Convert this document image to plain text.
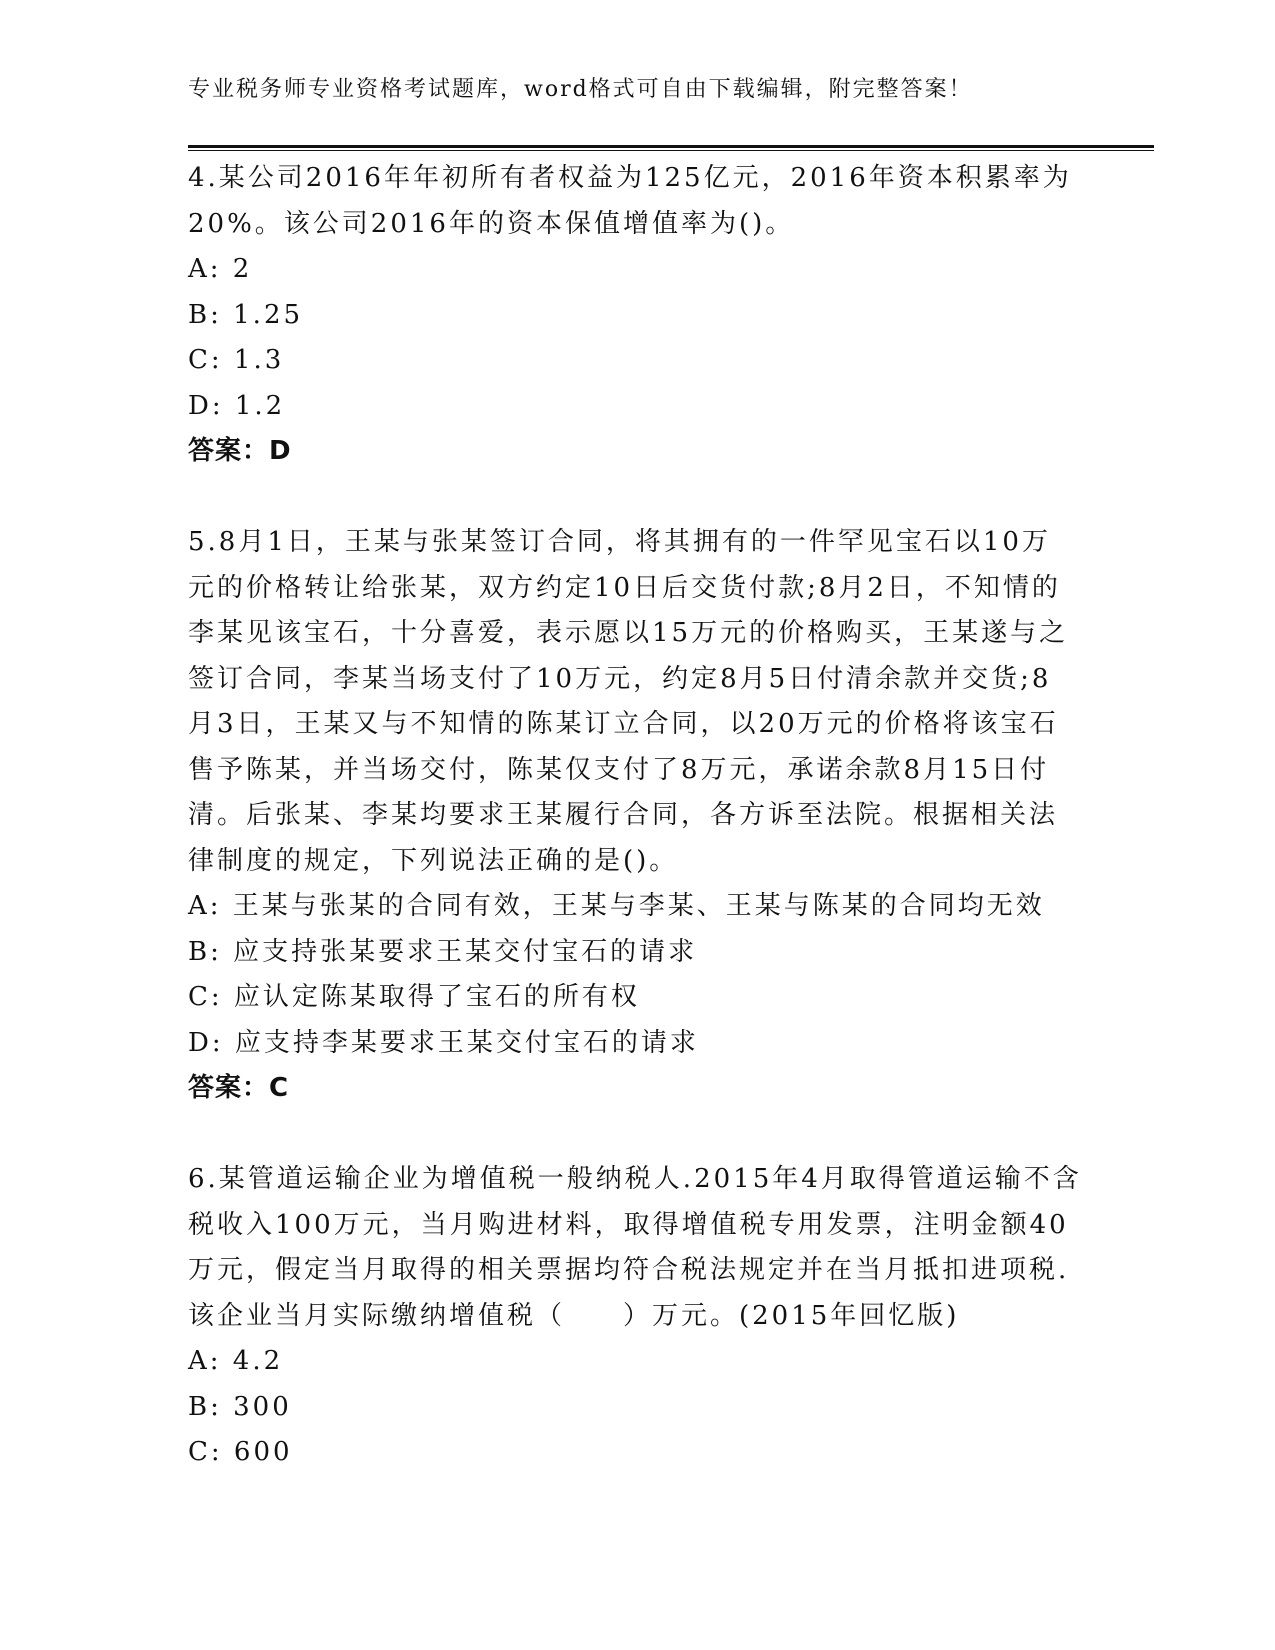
专业税务师专业资格考试题库，word格式可自由下载编辑，附完整答案！
4.某公司2016年年初所有者权益为125亿元，2016年资本积累率为
20%。该公司2016年的资本保值增值率为()。
A: 2
B: 1.25
C: 1.3
D: 1.2
答案：D
5.8月1日，王某与张某签订合同，将其拥有的一件罕见宝石以10万
元的价格转让给张某，双方约定10日后交货付款;8月2日，不知情的
李某见该宝石，十分喜爱，表示愿以15万元的价格购买，王某遂与之
签订合同，李某当场支付了10万元，约定8月5日付清余款并交货;8
月3日，王某又与不知情的陈某订立合同，以20万元的价格将该宝石
售予陈某，并当场交付，陈某仅支付了8万元，承诺余款8月15日付
清。后张某、李某均要求王某履行合同，各方诉至法院。根据相关法
律制度的规定，下列说法正确的是()。
A: 王某与张某的合同有效，王某与李某、王某与陈某的合同均无效
B: 应支持张某要求王某交付宝石的请求
C: 应认定陈某取得了宝石的所有权
D: 应支持李某要求王某交付宝石的请求
答案：C
6.某管道运输企业为增值税一般纳税人.2015年4月取得管道运输不含
税收入100万元，当月购进材料，取得增值税专用发票，注明金额40
万元，假定当月取得的相关票据均符合税法规定并在当月抵扣进项税.
该企业当月实际缴纳增值税（　　）万元。(2015年回忆版)
A: 4.2
B: 300
C: 600
